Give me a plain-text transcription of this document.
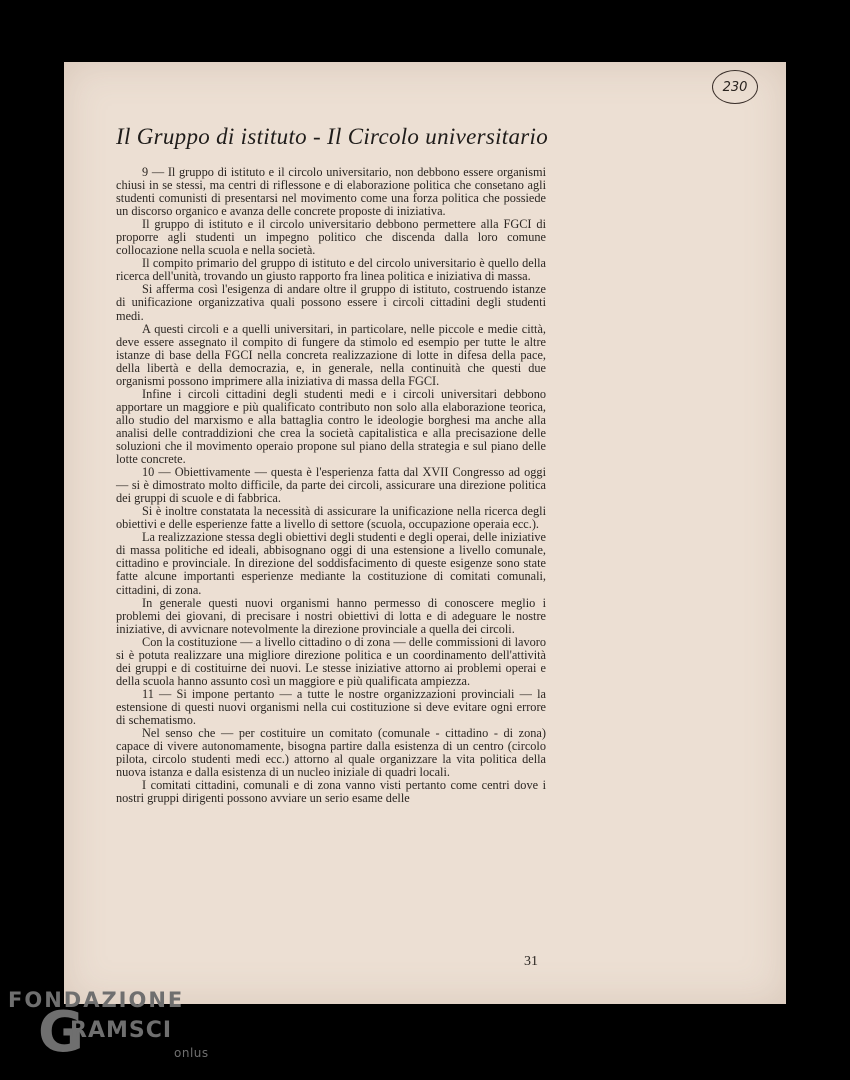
230
Il Gruppo di istituto - Il Circolo universitario

9 — Il gruppo di istituto e il circolo universitario, non debbono essere organismi chiusi in se stessi, ma centri di riflessone e di elaborazione politica che consetano agli studenti comunisti di presentarsi nel movimento come una forza politica che possiede un discorso organico e avanza delle concrete proposte di iniziativa.

Il gruppo di istituto e il circolo universitario debbono permettere alla FGCI di proporre agli studenti un impegno politico che discenda dalla loro comune collocazione nella scuola e nella società.

Il compito primario del gruppo di istituto e del circolo universitario è quello della ricerca dell'unità, trovando un giusto rapporto fra linea politica e iniziativa di massa.

Si afferma così l'esigenza di andare oltre il gruppo di istituto, costruendo istanze di unificazione organizzativa quali possono essere i circoli cittadini degli studenti medi.

A questi circoli e a quelli universitari, in particolare, nelle piccole e medie città, deve essere assegnato il compito di fungere da stimolo ed esempio per tutte le altre istanze di base della FGCI nella concreta realizzazione di lotte in difesa della pace, della libertà e della democrazia, e, in generale, nella continuità che questi due organismi possono imprimere alla iniziativa di massa della FGCI.

Infine i circoli cittadini degli studenti medi e i circoli universitari debbono apportare un maggiore e più qualificato contributo non solo alla elaborazione teorica, allo studio del marxismo e alla battaglia contro le ideologie borghesi ma anche alla analisi delle contraddizioni che crea la società capitalistica e alla precisazione delle soluzioni che il movimento operaio propone sul piano della strategia e sul piano delle lotte concrete.

10 — Obiettivamente — questa è l'esperienza fatta dal XVII Congresso ad oggi — si è dimostrato molto difficile, da parte dei circoli, assicurare una direzione politica dei gruppi di scuole e di fabbrica.

Si è inoltre constatata la necessità di assicurare la unificazione nella ricerca degli obiettivi e delle esperienze fatte a livello di settore (scuola, occupazione operaia ecc.).

La realizzazione stessa degli obiettivi degli studenti e degli operai, delle iniziative di massa politiche ed ideali, abbisognano oggi di una estensione a livello comunale, cittadino e provinciale. In direzione del soddisfacimento di queste esigenze sono state fatte alcune importanti esperienze mediante la costituzione di comitati comunali, cittadini, di zona.

In generale questi nuovi organismi hanno permesso di conoscere meglio i problemi dei giovani, di precisare i nostri obiettivi di lotta e di adeguare le nostre iniziative, di avvicnare notevolmente la direzione provinciale a quella dei circoli.

Con la costituzione — a livello cittadino o di zona — delle commissioni di lavoro si è potuta realizzare una migliore direzione politica e un coordinamento dell'attività dei gruppi e di costituirne dei nuovi. Le stesse iniziative attorno ai problemi operai e della scuola hanno assunto così un maggiore e più qualificata ampiezza.

11 — Si impone pertanto — a tutte le nostre organizzazioni provinciali — la estensione di questi nuovi organismi nella cui costituzione si deve evitare ogni errore di schematismo.

Nel senso che — per costituire un comitato (comunale - cittadino - di zona) capace di vivere autonomamente, bisogna partire dalla esistenza di un centro (circolo pilota, circolo studenti medi ecc.) attorno al quale organizzare la vita politica della nuova istanza e dalla esistenza di un nucleo iniziale di quadri locali.

I comitati cittadini, comunali e di zona vanno visti pertanto come centri dove i nostri gruppi dirigenti possono avviare un serio esame delle

31
FONDAZIONE
G
RAMSCI
onlus
